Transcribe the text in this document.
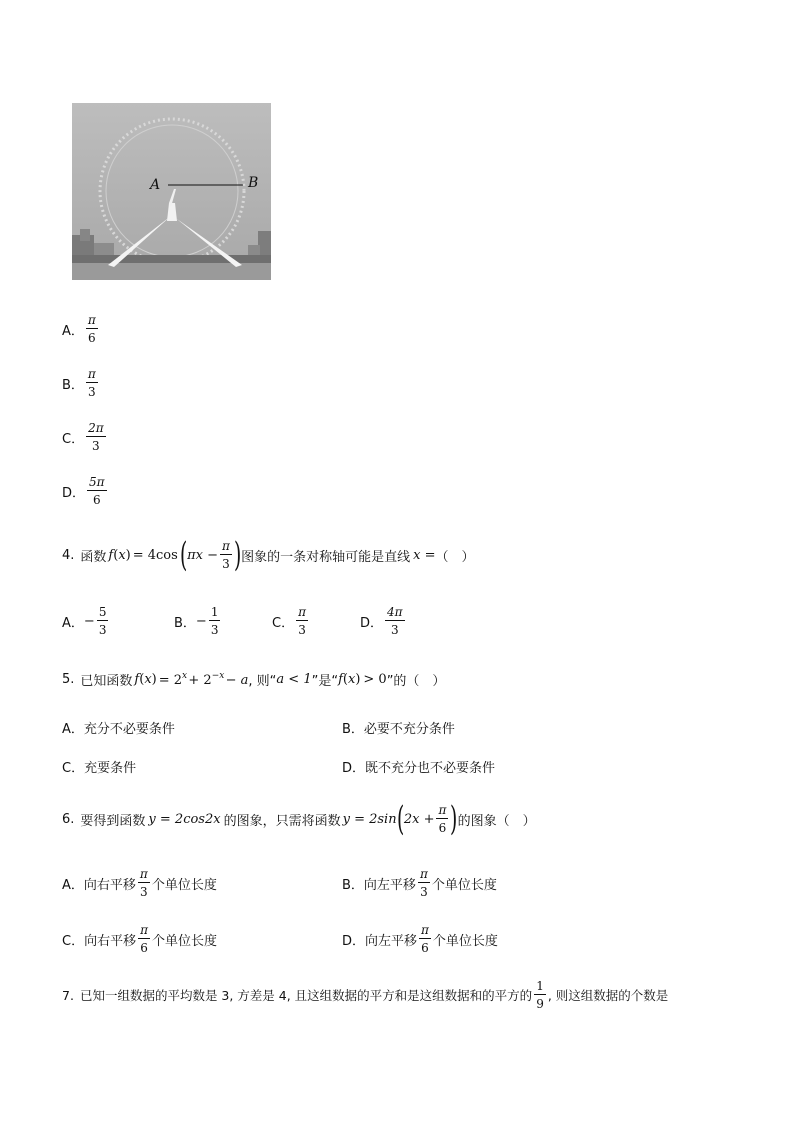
A	B
A． $\frac{\pi}{6}$
B． $\frac{\pi}{3}$
C． $\frac{2\pi}{3}$
D． $\frac{5\pi}{6}$
4. 函数 f ( x ) = 4cos ( $\pi x - \frac{\pi}{3}$ ) 图象的一条对称轴可能是直线 x = （　）
A． − $\frac{5}{3}$	B． − $\frac{1}{3}$	C． $\frac{\pi}{3}$	D． $\frac{4\pi}{3}$
5. 已知函数 f ( x ) = $2^x$ + $2^{-x}$ − a , 则“ a < 1 ”是“ f ( x ) > 0 ”的（　）
A． 充分不必要条件	B． 必要不充分条件
C． 充要条件	D． 既不充分也不必要条件
6. 要得到函数 y = 2cos2x 的图象，只需将函数 y = 2sin ( $2x + \frac{\pi}{6}$ ) 的图象（　）
A． 向右平移 $\frac{\pi}{3}$ 个单位长度	B． 向左平移 $\frac{\pi}{3}$ 个单位长度
C． 向右平移 $\frac{\pi}{6}$ 个单位长度	D． 向左平移 $\frac{\pi}{6}$ 个单位长度
7. 已知一组数据的平均数是 3, 方差是 4, 且这组数据的平方和是这组数据和的平方的 $\frac{1}{9}$ , 则这组数据的个数是
